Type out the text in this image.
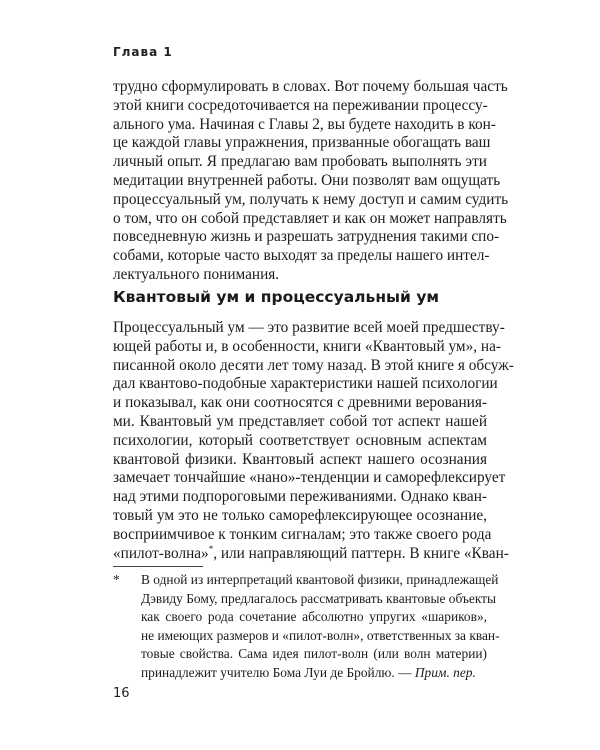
Глава 1
трудно сформулировать в словах. Вот почему большая часть
этой книги сосредоточивается на переживании процессу-
ального ума. Начиная с Главы 2, вы будете находить в кон-
це каждой главы упражнения, призванные обогащать ваш
личный опыт. Я предлагаю вам пробовать выполнять эти
медитации внутренней работы. Они позволят вам ощущать
процессуальный ум, получать к нему доступ и самим судить
о том, что он собой представляет и как он может направлять
повседневную жизнь и разрешать затруднения такими спо-
собами, которые часто выходят за пределы нашего интел-
лектуального понимания.
Квантовый ум и процессуальный ум
Процессуальный ум — это развитие всей моей предшеству-
ющей работы и, в особенности, книги «Квантовый ум», на-
писанной около десяти лет тому назад. В этой книге я обсуж-
дал квантово-подобные характеристики нашей психологии
и показывал, как они соотносятся с древними верования-
ми. Квантовый ум представляет собой тот аспект нашей
психологии, который соответствует основным аспектам
квантовой физики. Квантовый аспект нашего осознания
замечает тончайшие «нано»-тенденции и саморефлексирует
над этими подпороговыми переживаниями. Однако кван-
товый ум это не только саморефлексирующее осознание,
восприимчивое к тонким сигналам; это также своего рода
«пилот-волна»*, или направляющий паттерн. В книге «Кван-
* В одной из интерпретаций квантовой физики, принадлежащей
Дэвиду Бому, предлагалось рассматривать квантовые объекты
как своего рода сочетание абсолютно упругих «шариков»,
не имеющих размеров и «пилот-волн», ответственных за кван-
товые свойства. Сама идея пилот-волн (или волн материи)
принадлежит учителю Бома Луи де Бройлю. — Прим. пер.
16
